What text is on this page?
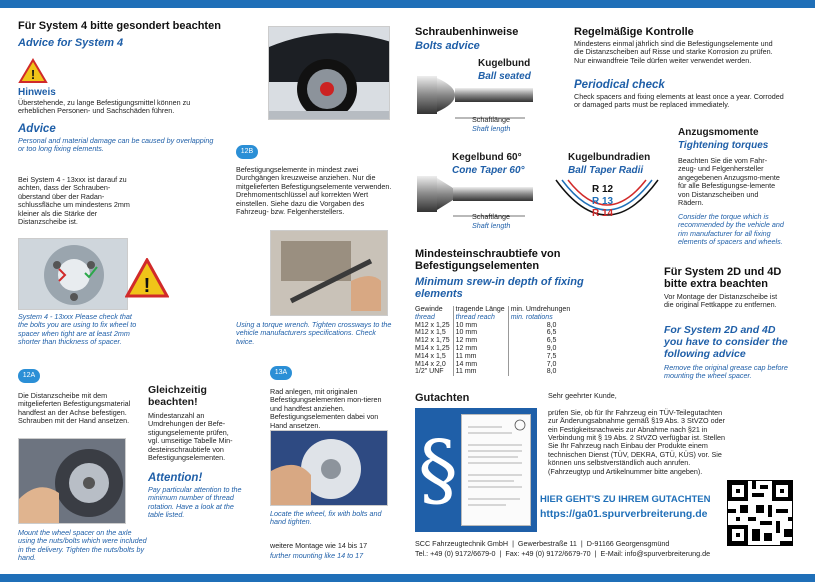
Für System 4 bitte gesondert beachten
Advice for System 4
!
Hinweis
Überstehende, zu lange Befestigungsmittel können zu erheblichen Personen- und Sachschäden führen.
Advice
Personal and material damage can be caused by overlapping or too long fixing elements.
Bei System 4 - 13xxx ist darauf zu achten, dass der Schrauben-überstand über der Radan-schlussfläche um mindestens 2mm kleiner als die Stärke der Distanzscheibe ist.
!
System 4 - 13xxx Please check that the bolts you are using to fix wheel to spacer when tight are at least 2mm shorter than thickness of spacer.
12A
Die Distanzscheibe mit dem mitgelieferten Befestigungsmaterial handfest an der Achse befestigen. Schrauben mit der Hand ansetzen.
Mount the wheel spacer on the axle using the nuts/bolts which were included in the delivery. Tighten the nuts/bolts by hand.
12B
Befestigungselemente in mindest zwei Durchgängen kreuzweise anziehen. Nur die mitgelieferten Befestigungselemente verwenden. Drehmomentschlüssel auf korrekten Wert einstellen. Siehe dazu die Vorgaben des Fahrzeug- bzw. Felgenherstellers.
Using a torque wrench. Tighten crossways to the vehicle manufacturers specifications. Check twice.
Gleichzeitig beachten!
Mindestanzahl an Umdrehungen der Befe-stigungselemente prüfen, vgl. umseitige Tabelle Min-desteinschraubtiefe von Befestigungselementen.
Attention!
Pay particular attention to the minimum number of thread rotation. Have a look at the table listed.
13A
Rad anlegen, mit originalen Befestigungselementen mon-tieren und handfest anziehen. Befestigungselementen dabei von Hand ansetzen.
Locate the wheel, fix with bolts and hand tighten.
weitere Montage wie 14 bis 17
further mounting like 14 to 17
Schraubenhinweise
Bolts advice
Kugelbund
Ball seated
Schaftlänge
Shaft length
Kegelbund 60°
Cone Taper 60°
Schaftlänge
Shaft length
Kugelbundradien
Ball Taper Radii
R 12
R 13
R 14
Mindesteinschraubtiefe von Befestigungselementen
Minimum srew-in depth of fixing elements
Gewinde	tragende Länge	min. Umdrehungen
thread	thread reach	min. rotations
M12 x 1,25	10 mm	8,0
M12 x 1,5	10 mm	6,5
M12 x 1,75	12 mm	6,5
M14 x 1,25	12 mm	9,0
M14 x 1,5	11 mm	7,5
M14 x 2,0	14 mm	7,0
1/2" UNF	11 mm	8,0
Gutachten
§
Regelmäßige Kontrolle
Mindestens einmal jährlich sind die Befestigungselemente und die Distanzscheiben auf Risse und starke Korrosion zu prüfen. Nur einwandfreie Teile dürfen weiter verwendet werden.
Periodical check
Check spacers and fixing elements at least once a year. Corroded or damaged parts must be replaced immediately.
Anzugsmomente
Tightening torques
Beachten Sie die vom Fahr-zeug- und Felgenhersteller angegebenen Anzugsmo-mente für alle Befestigungse-lemente von Distanzscheiben und Rädern.
Consider the torque which is recommended by the vehicle and rim manufacturer for all fixing elements of spacers and wheels.
Für System 2D und 4D bitte extra beachten
Vor Montage der Distanzscheibe ist die original Fettkappe zu entfernen.
For System 2D and 4D you have to consider the following advice
Remove the original grease cap before mounting the wheel spacer.
Sehr geehrter Kunde,

prüfen Sie, ob für Ihr Fahrzeug ein TÜV-Teilegutachten zur Änderungsabnahme gemäß §19 Abs. 3 StVZO oder ein Festigkeitsnachweis zur Abnahme nach §21 in Verbindung mit § 19 Abs. 2 StVZO verfügbar ist. Stellen Sie Ihr Fahrzeug nach Einbau der Produkte einem technischen Dienst (TÜV, DEKRA, GTÜ, KÜS) vor. Sie können uns selbstverständlich auch anrufen. (Fahrzeugtyp und Artikelnummer bitte angeben).
HIER GEHT'S ZU IHREM GUTACHTEN
https://ga01.spurverbreiterung.de
SCC Fahrzeugtechnik GmbH  |  Gewerbestraße 11  |  D-91166 Georgensgmünd
Tel.: +49 (0) 9172/6679-0  |  Fax: +49 (0) 9172/6679-70  |  E-Mail: info@spurverbreiterung.de
